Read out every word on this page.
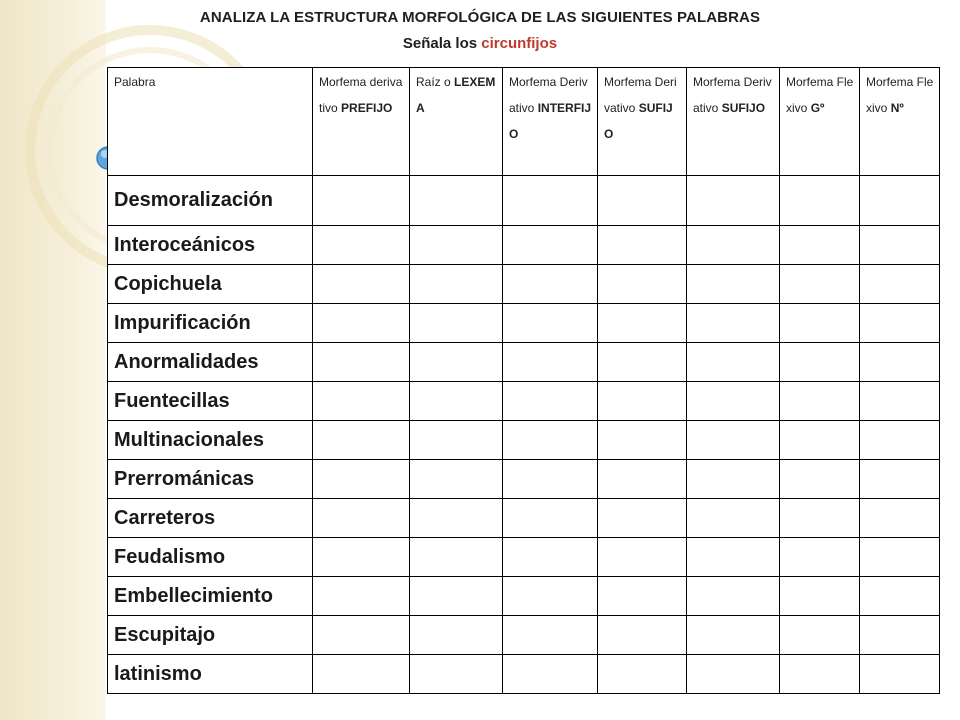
ANALIZA LA ESTRUCTURA MORFOLÓGICA DE LAS SIGUIENTES PALABRAS
Señala los circunfijos
Palabra	Morfema derivativo PREFIJO	Raíz o LEXEMA	Morfema Derivativo INTERFIJO	Morfema Derivativo SUFIJO	Morfema Derivativo SUFIJO	Morfema Flexivo Gº	Morfema Flexivo Nº
Desmoralización							
Interoceánicos							
Copichuela							
Impurificación							
Anormalidades							
Fuentecillas							
Multinacionales							
Prerrománicas							
Carreteros							
Feudalismo							
Embellecimiento							
Escupitajo							
latinismo							
